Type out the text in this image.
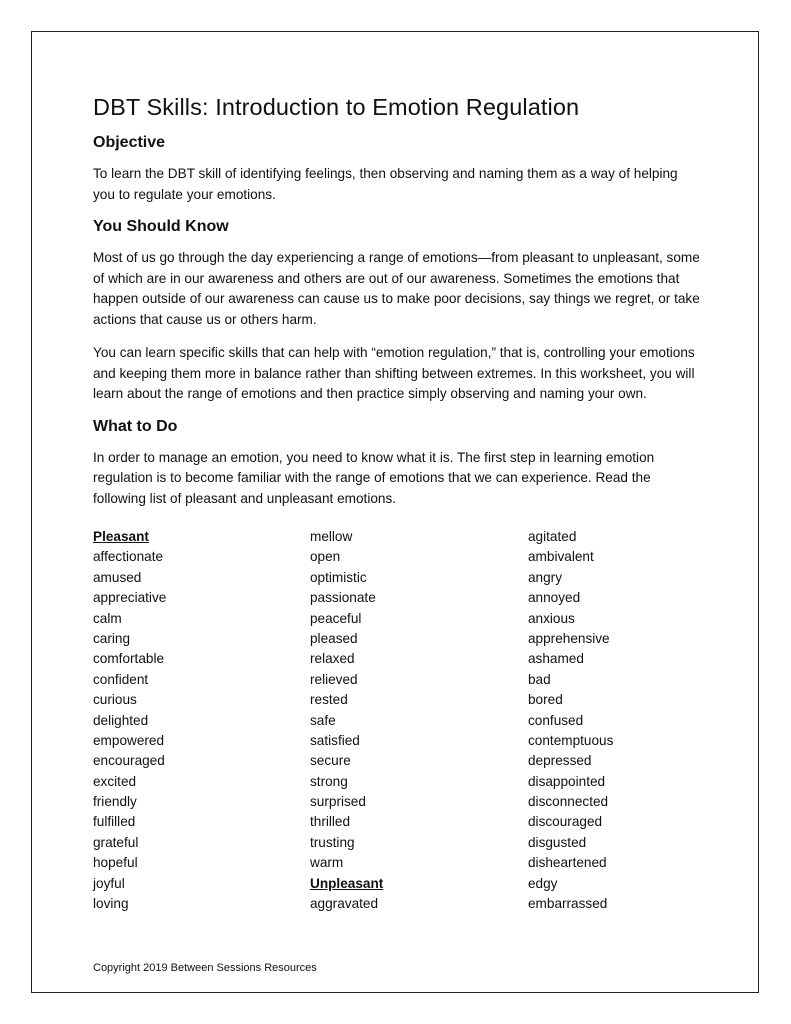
DBT Skills: Introduction to Emotion Regulation
Objective

To learn the DBT skill of identifying feelings, then observing and naming them as a way of helping you to regulate your emotions.

You Should Know

Most of us go through the day experiencing a range of emotions—from pleasant to unpleasant, some of which are in our awareness and others are out of our awareness. Sometimes the emotions that happen outside of our awareness can cause us to make poor decisions, say things we regret, or take actions that cause us or others harm.

You can learn specific skills that can help with “emotion regulation,” that is, controlling your emotions and keeping them more in balance rather than shifting between extremes. In this worksheet, you will learn about the range of emotions and then practice simply observing and naming your own.

What to Do

In order to manage an emotion, you need to know what it is. The first step in learning emotion regulation is to become familiar with the range of emotions that we can experience. Read the following list of pleasant and unpleasant emotions.

Pleasant
affectionate
amused
appreciative
calm
caring
comfortable
confident
curious
delighted
empowered
encouraged
excited
friendly
fulfilled
grateful
hopeful
joyful
loving
mellow
open
optimistic
passionate
peaceful
pleased
relaxed
relieved
rested
safe
satisfied
secure
strong
surprised
thrilled
trusting
warm
Unpleasant
aggravated
agitated
ambivalent
angry
annoyed
anxious
apprehensive
ashamed
bad
bored
confused
contemptuous
depressed
disappointed
disconnected
discouraged
disgusted
disheartened
edgy
embarrassed
Copyright 2019 Between Sessions Resources
